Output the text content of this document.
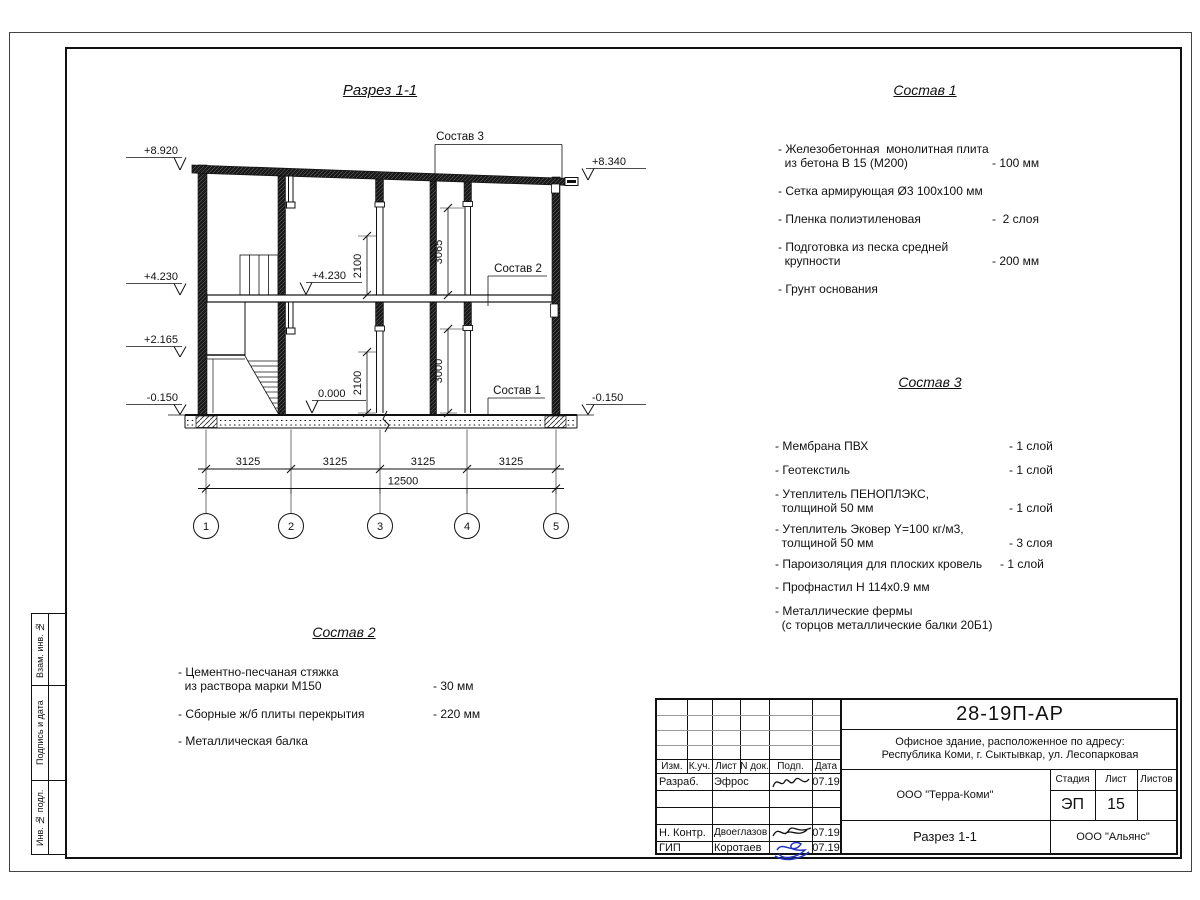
Взам. инв. №
Подпись и дата
Инв. № подл.
Разрез 1-1
+8.920
+4.230
+2.165
-0.150
+8.340
-0.150
+4.230
0.000
2100
2100
3065
3000
Состав 3
Состав 2
Состав 1
3125	3125	3125	3125
12500
1	2	3	4	5
Состав 1
- Железобетонная  монолитная плита
из бетона В 15 (М200)	- 100 мм
- Сетка армирующая Ø3 100х100 мм
- Пленка полиэтиленовая	-  2 слоя
- Подготовка из песка средней
крупности	- 200 мм
- Грунт основания
Состав 3
- Мембрана ПВХ	- 1 слой
- Геотекстиль	- 1 слой
- Утеплитель ПЕНОПЛЭКС,
толщиной 50 мм	- 1 слой
- Утеплитель Эковер Y=100 кг/м3,
толщиной 50 мм	- 3 слоя
- Пароизоляция для плоских кровель	- 1 слой
- Профнастил Н 114х0.9 мм
- Металлические фермы
(с торцов металлические балки 20Б1)
Состав 2
- Цементно-песчаная стяжка
из раствора марки М150	- 30 мм
- Сборные ж/б плиты перекрытия	- 220 мм
- Металлическая балка
Изм. К.уч. Лист N док. Подп.	Дата
Разраб.	Эфрос	07.19
Н. Контр. Двоеглазов	07.19
ГИП	Коротаев	07.19
28-19П-АР
Офисное здание, расположенное по адресу:
Республика Коми, г. Сыктывкар, ул. Лесопарковая
ООО "Терра-Коми"
Стадия	Лист	Листов
ЭП	15
Разрез 1-1	ООО "Альянс"
